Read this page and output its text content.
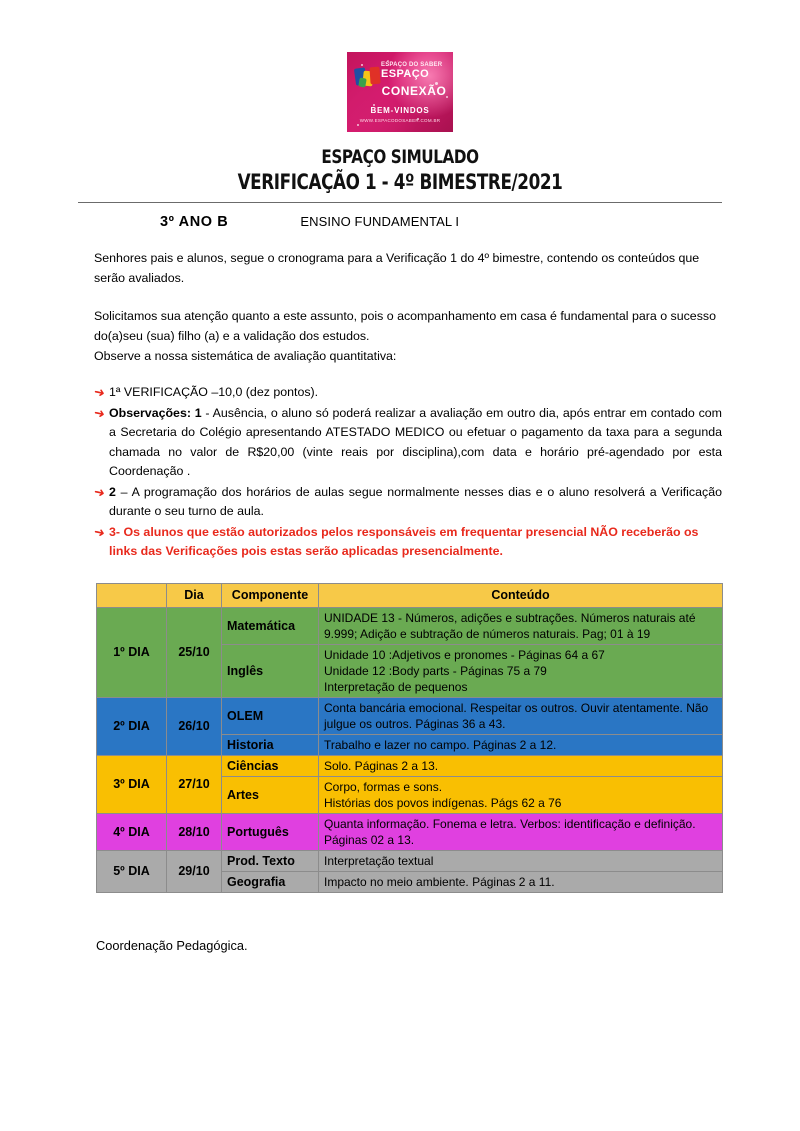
ESPAÇO DO SABER
ESPAÇO
CONEXÃO
BEM-VINDOS
WWW.ESPACODOSABER.COM.BR
ESPAÇO SIMULADO
VERIFICAÇÃO 1 - 4º BIMESTRE/2021
3º ANO B	ENSINO FUNDAMENTAL I
Senhores pais e alunos, segue o cronograma para a Verificação 1 do 4º bimestre, contendo os conteúdos que serão avaliados.
Solicitamos sua atenção quanto a este assunto, pois o acompanhamento em casa é fundamental para o sucesso do(a)seu (sua) filho (a) e a validação dos estudos.
Observe a nossa sistemática de avaliação quantitativa:
➜ 1ª VERIFICAÇÃO –10,0 (dez pontos).
➜ Observações: 1 - Ausência, o aluno só poderá realizar a avaliação em outro dia, após entrar em contado com a Secretaria do Colégio apresentando ATESTADO MEDICO ou efetuar o pagamento da taxa para a segunda chamada no valor de R$20,00 (vinte reais por disciplina),com data e horário pré-agendado por esta Coordenação .
➜ 2 – A programação dos horários de aulas segue normalmente nesses dias e o aluno resolverá a Verificação durante o seu turno de aula.
➜ 3- Os alunos que estão autorizados pelos responsáveis em frequentar presencial NÃO receberão os links das Verificações pois estas serão aplicadas presencialmente.
	Dia	Componente	Conteúdo
1º DIA	25/10	Matemática	UNIDADE 13 - Números, adições e subtrações. Números naturais até 9.999; Adição e subtração de números naturais. Pag; 01 à 19
		Inglês	Unidade 10 :Adjetivos e pronomes - Páginas 64 a 67
Unidade 12 :Body parts - Páginas 75 a 79
Interpretação de pequenos
2º DIA	26/10	OLEM	Conta bancária emocional. Respeitar os outros. Ouvir atentamente. Não julgue os outros. Páginas 36 a 43.
		Historia	Trabalho e lazer no campo. Páginas 2 a 12.
3º DIA	27/10	Ciências	Solo. Páginas 2 a 13.
		Artes	Corpo, formas e sons.
Histórias dos povos indígenas. Págs 62 a 76
4º DIA	28/10	Português	Quanta informação. Fonema e letra. Verbos: identificação e definição. Páginas 02 a 13.
5º DIA	29/10	Prod. Texto	Interpretação textual
		Geografia	Impacto no meio ambiente. Páginas 2 a 11.
Coordenação Pedagógica.
